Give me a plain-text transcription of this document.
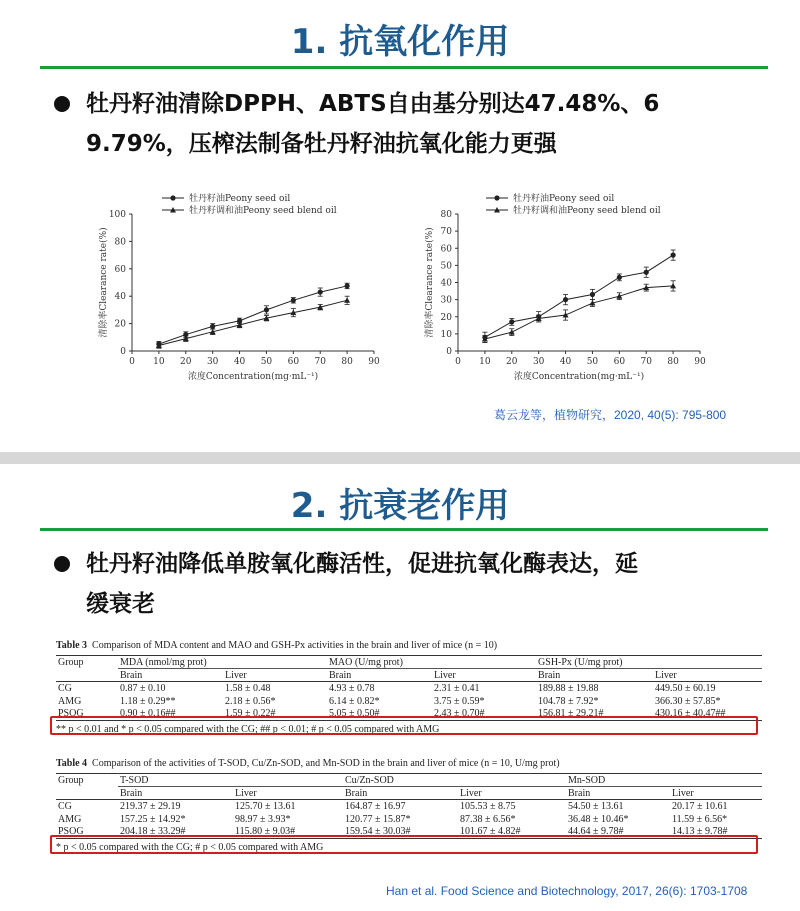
1. 抗氧化作用
牡丹籽油清除DPPH、ABTS自由基分别达47.48%、6
9.79%，压榨法制备牡丹籽油抗氧化能力更强
0 10 20 30 40 50 60 70 80 90
0
20
40
60
80
100
浓度Concentration(mg·mL⁻¹)
清除率Clearance rate(%)
牡丹籽油Peony seed oil
牡丹籽调和油Peony seed blend oil
0 10 20 30 40 50 60 70 80 90
0
10
20
30
40
50
60
70
80
浓度Concentration(mg·mL⁻¹)
清除率Clearance rate(%)
牡丹籽油Peony seed oil
牡丹籽调和油Peony seed blend oil
葛云龙等，植物研究，2020, 40(5): 795-800
2. 抗衰老作用
牡丹籽油降低单胺氧化酶活性，促进抗氧化酶表达，延
缓衰老
Table 3 Comparison of MDA content and MAO and GSH-Px activities in the brain and liver of mice (n = 10)
Group	MDA (nmol/mg prot)		MAO (U/mg prot)		GSH-Px (U/mg prot)	
	Brain	Liver	Brain	Liver	Brain	Liver
CG	0.87 ± 0.10	1.58 ± 0.48	4.93 ± 0.78	2.31 ± 0.41	189.88 ± 19.88	449.50 ± 60.19
AMG	1.18 ± 0.29**	2.18 ± 0.56*	6.14 ± 0.82*	3.75 ± 0.59*	104.78 ± 7.92*	366.30 ± 57.85*
PSOG	0.90 ± 0.16##	1.59 ± 0.22#	5.05 ± 0.50#	2.43 ± 0.70#	156.81 ± 29.21#	430.16 ± 40.47##
** p < 0.01 and * p < 0.05 compared with the CG; ## p < 0.01; # p < 0.05 compared with AMG
Table 4 Comparison of the activities of T-SOD, Cu/Zn-SOD, and Mn-SOD in the brain and liver of mice (n = 10, U/mg prot)
Group	T-SOD		Cu/Zn-SOD		Mn-SOD	
	Brain	Liver	Brain	Liver	Brain	Liver
CG	219.37 ± 29.19	125.70 ± 13.61	164.87 ± 16.97	105.53 ± 8.75	54.50 ± 13.61	20.17 ± 10.61
AMG	157.25 ± 14.92*	98.97 ± 3.93*	120.77 ± 15.87*	87.38 ± 6.56*	36.48 ± 10.46*	11.59 ± 6.56*
PSOG	204.18 ± 33.29#	115.80 ± 9.03#	159.54 ± 30.03#	101.67 ± 4.82#	44.64 ± 9.78#	14.13 ± 9.78#
* p < 0.05 compared with the CG; # p < 0.05 compared with AMG
Han et al. Food Science and Biotechnology, 2017, 26(6): 1703-1708
